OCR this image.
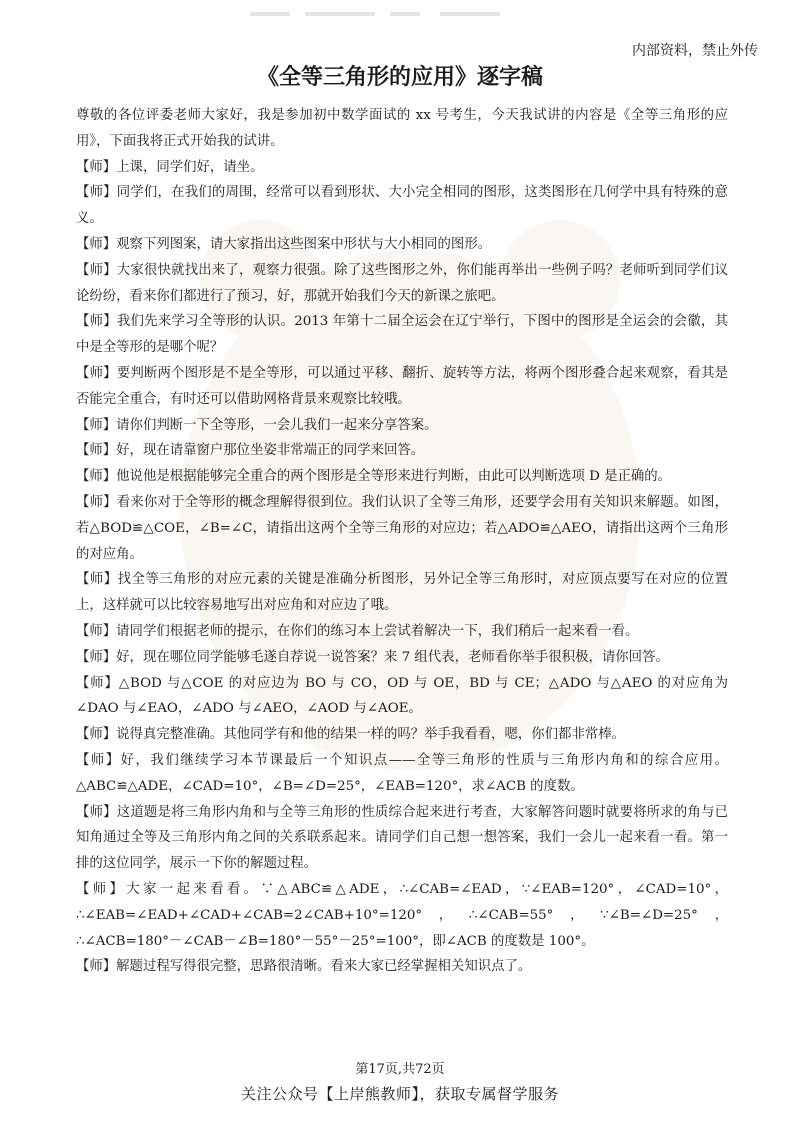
内部资料，禁止外传
《全等三角形的应用》逐字稿

尊敬的各位评委老师大家好，我是参加初中数学面试的 xx 号考生，今天我试讲的内容是《全等三角形的应用》，下面我将正式开始我的试讲。

【师】上课，同学们好，请坐。

【师】同学们，在我们的周围，经常可以看到形状、大小完全相同的图形，这类图形在几何学中具有特殊的意义。

【师】观察下列图案，请大家指出这些图案中形状与大小相同的图形。

【师】大家很快就找出来了，观察力很强。除了这些图形之外，你们能再举出一些例子吗？老师听到同学们议论纷纷，看来你们都进行了预习，好，那就开始我们今天的新课之旅吧。

【师】我们先来学习全等形的认识。2013 年第十二届全运会在辽宁举行，下图中的图形是全运会的会徽，其中是全等形的是哪个呢？

【师】要判断两个图形是不是全等形，可以通过平移、翻折、旋转等方法，将两个图形叠合起来观察，看其是否能完全重合，有时还可以借助网格背景来观察比较哦。

【师】请你们判断一下全等形，一会儿我们一起来分享答案。

【师】好，现在请靠窗户那位坐姿非常端正的同学来回答。

【师】他说他是根据能够完全重合的两个图形是全等形来进行判断，由此可以判断选项 D 是正确的。

【师】看来你对于全等形的概念理解得很到位。我们认识了全等三角形，还要学会用有关知识来解题。如图，若△BOD≌△COE，∠B=∠C，请指出这两个全等三角形的对应边；若△ADO≌△AEO，请指出这两个三角形的对应角。

【师】找全等三角形的对应元素的关键是准确分析图形，另外记全等三角形时，对应顶点要写在对应的位置上，这样就可以比较容易地写出对应角和对应边了哦。

【师】请同学们根据老师的提示，在你们的练习本上尝试着解决一下，我们稍后一起来看一看。

【师】好，现在哪位同学能够毛遂自荐说一说答案？来 7 组代表，老师看你举手很积极，请你回答。

【师】△BOD 与△COE 的对应边为 BO 与 CO，OD 与 OE，BD 与 CE；△ADO 与△AEO 的对应角为∠DAO 与∠EAO，∠ADO 与∠AEO，∠AOD 与∠AOE。

【师】说得真完整准确。其他同学有和他的结果一样的吗？举手我看看，嗯，你们都非常棒。

【师】好，我们继续学习本节课最后一个知识点——全等三角形的性质与三角形内角和的综合应用。△ABC≌△ADE，∠CAD=10°，∠B=∠D=25°，∠EAB=120°，求∠ACB 的度数。

【师】这道题是将三角形内角和与全等三角形的性质综合起来进行考查，大家解答问题时就要将所求的角与已知角通过全等及三角形内角之间的关系联系起来。请同学们自己想一想答案，我们一会儿一起来看一看。第一排的这位同学，展示一下你的解题过程。

【师】大家一起来看看。∵△ABC≌△ADE，∴∠CAB=∠EAD，∵∠EAB=120°，∠CAD=10°，∴∠EAB=∠EAD+∠CAD+∠CAB=2∠CAB+10°=120°，∴∠CAB=55°，∵∠B=∠D=25°，∴∠ACB=180°－∠CAB－∠B=180°－55°－25°=100°，即∠ACB 的度数是 100°。

【师】解题过程写得很完整，思路很清晰。看来大家已经掌握相关知识点了。

第17页,共72页
关注公众号【上岸熊教师】，获取专属督学服务
